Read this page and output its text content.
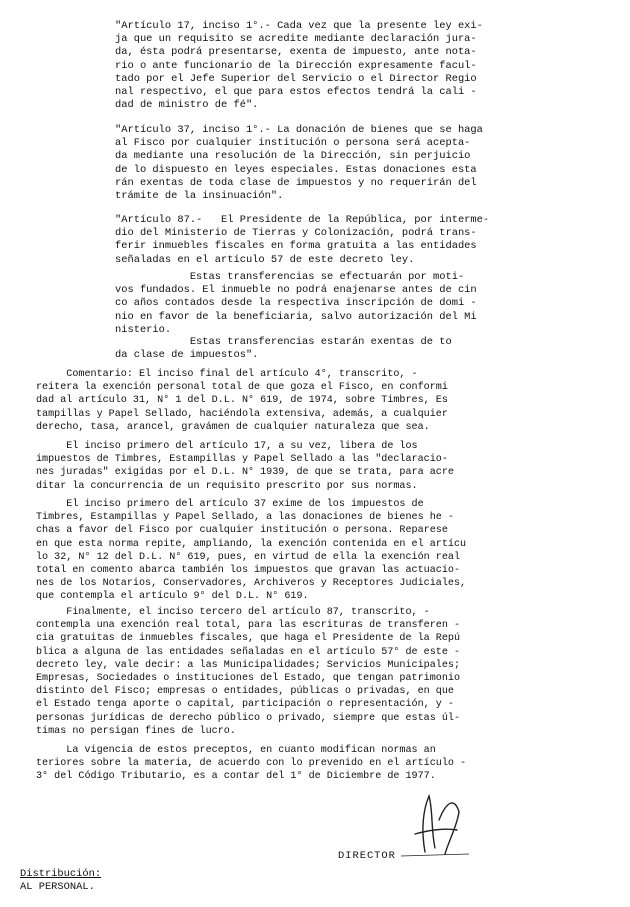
"Artículo 17, inciso 1°.- Cada vez que la presente ley exi-
ja que un requisito se acredite mediante declaración jura-
da, ésta podrá presentarse, exenta de impuesto, ante nota-
rio o ante funcionario de la Dirección expresamente facul-
tado por el Jefe Superior del Servicio o el Director Regio
nal respectivo, el que para estos efectos tendrá la cali -
dad de ministro de fé".
"Artículo 37, inciso 1°.- La donación de bienes que se haga
al Fisco por cualquier institución o persona será acepta-
da mediante una resolución de la Dirección, sin perjuicio
de lo dispuesto en leyes especiales. Estas donaciones esta
rán exentas de toda clase de impuestos y no requerirán del
trámite de la insinuación".
"Artículo 87.-   El Presidente de la República, por interme-
dio del Ministerio de Tierras y Colonización, podrá trans-
ferir inmuebles fiscales en forma gratuita a las entidades
señaladas en el artículo 57 de este decreto ley.
Estas transferencias se efectuarán por moti-
vos fundados. El inmueble no podrá enajenarse antes de cin
co años contados desde la respectiva inscripción de domi -
nio en favor de la beneficiaria, salvo autorización del Mi
nisterio.
Estas transferencias estarán exentas de to
da clase de impuestos".
Comentario: El inciso final del artículo 4°, transcrito, -
reitera la exención personal total de que goza el Fisco, en conformi
dad al artículo 31, N° 1 del D.L. N° 619, de 1974, sobre Timbres, Es
tampillas y Papel Sellado, haciéndola extensiva, además, a cualquier
derecho, tasa, arancel, gravámen de cualquier naturaleza que sea.
El inciso primero del artículo 17, a su vez, libera de los
impuestos de Timbres, Estampillas y Papel Sellado a las "declaracio-
nes juradas" exigidas por el D.L. N° 1939, de que se trata, para acre
ditar la concurrencia de un requisito prescrito por sus normas.
El inciso primero del artículo 37 exime de los impuestos de
Timbres, Estampillas y Papel Sellado, a las donaciones de bienes he -
chas a favor del Fisco por cualquier institución o persona. Reparese
en que esta norma repite, ampliando, la exención contenida en el artícu
lo 32, N° 12 del D.L. N° 619, pues, en virtud de ella la exención real
total en comento abarca también los impuestos que gravan las actuacio-
nes de los Notarios, Conservadores, Archiveros y Receptores Judiciales,
que contempla el artículo 9° del D.L. N° 619.
Finalmente, el inciso tercero del artículo 87, transcrito, -
contempla una exención real total, para las escrituras de transferen -
cia gratuitas de inmuebles fiscales, que haga el Presidente de la Repú
blica a alguna de las entidades señaladas en el artículo 57° de este -
decreto ley, vale decir: a las Municipalidades; Servicios Municipales;
Empresas, Sociedades o instituciones del Estado, que tengan patrimonio
distinto del Fisco; empresas o entidades, públicas o privadas, en que
el Estado tenga aporte o capital, participación o representación, y -
personas jurídicas de derecho público o privado, siempre que estas úl-
timas no persigan fines de lucro.
La vigencia de estos preceptos, en cuanto modifican normas an
teriores sobre la materia, de acuerdo con lo prevenido en el artículo -
3° del Código Tributario, es a contar del 1° de Diciembre de 1977.
DIRECTOR
Distribución:
AL PERSONAL.
